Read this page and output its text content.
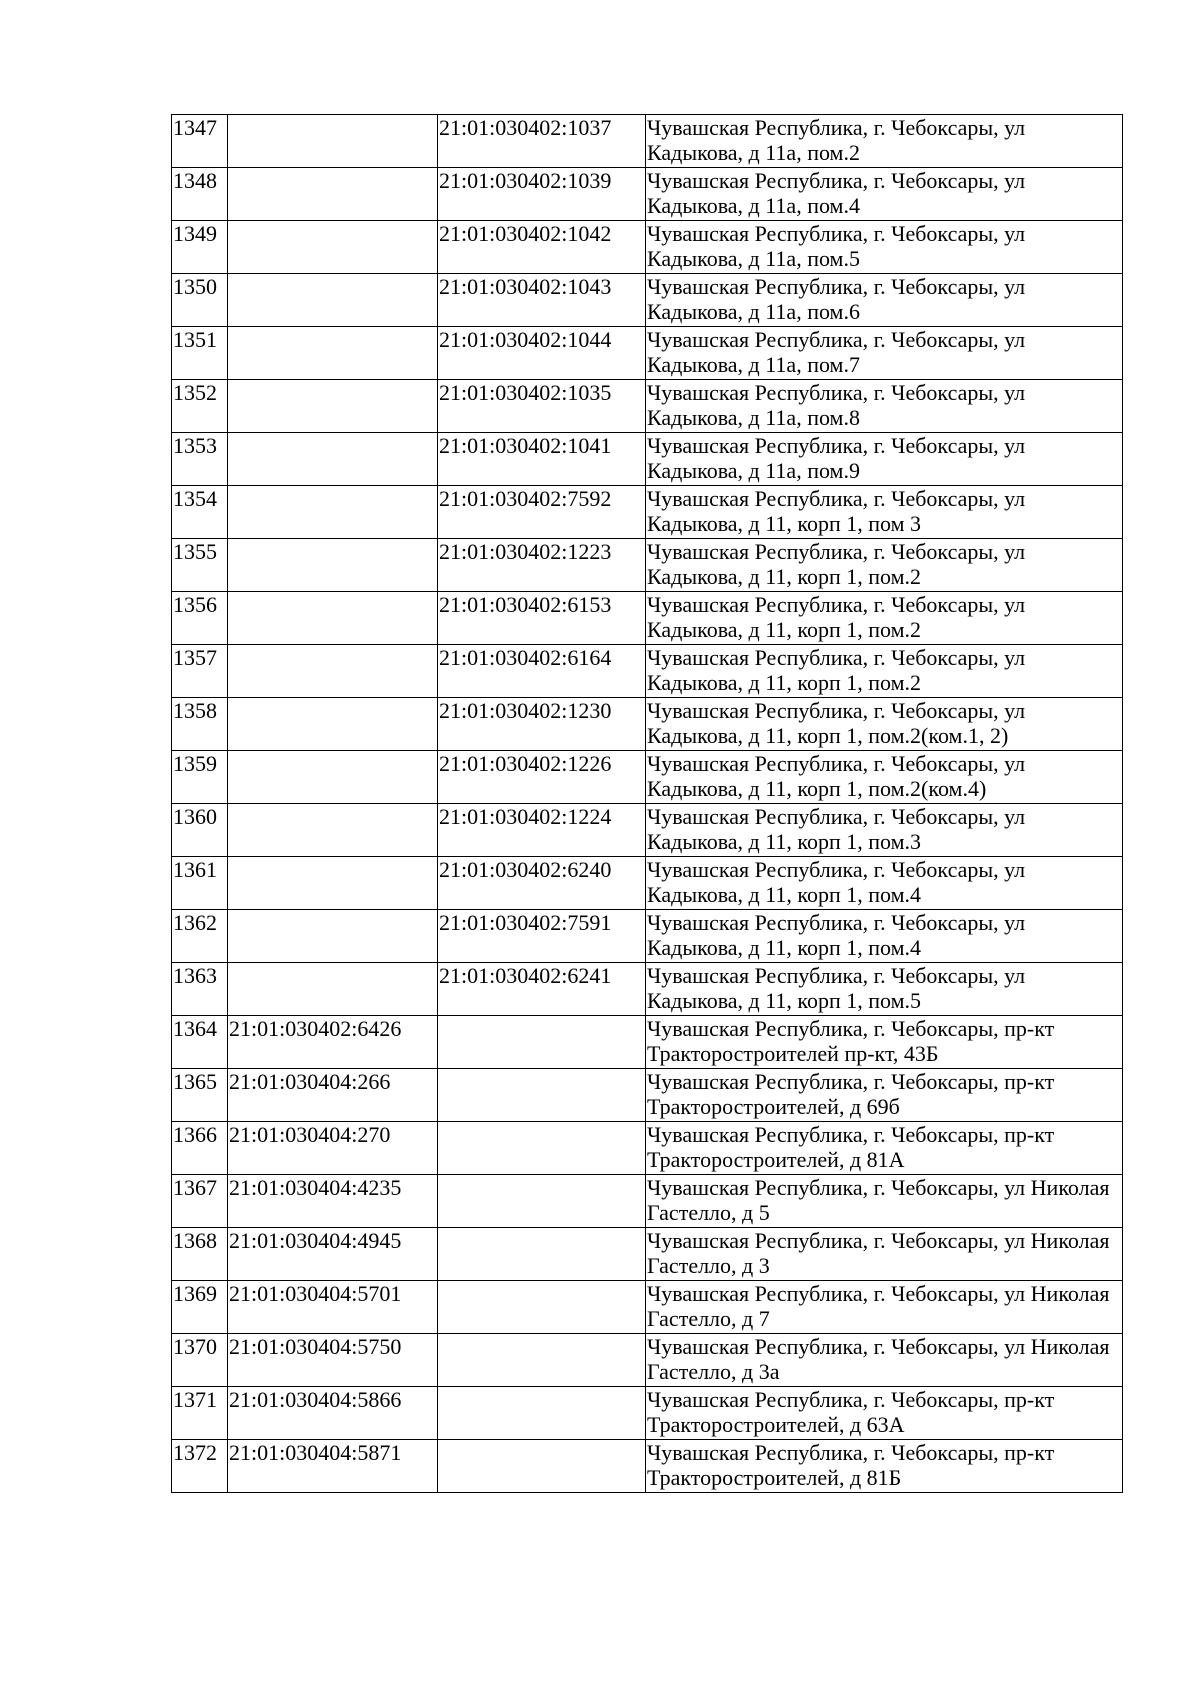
1347		21:01:030402:1037	Чувашская Республика, г. Чебоксары, ул Кадыкова, д 11а, пом.2
1348		21:01:030402:1039	Чувашская Республика, г. Чебоксары, ул Кадыкова, д 11а, пом.4
1349		21:01:030402:1042	Чувашская Республика, г. Чебоксары, ул Кадыкова, д 11а, пом.5
1350		21:01:030402:1043	Чувашская Республика, г. Чебоксары, ул Кадыкова, д 11а, пом.6
1351		21:01:030402:1044	Чувашская Республика, г. Чебоксары, ул Кадыкова, д 11а, пом.7
1352		21:01:030402:1035	Чувашская Республика, г. Чебоксары, ул Кадыкова, д 11а, пом.8
1353		21:01:030402:1041	Чувашская Республика, г. Чебоксары, ул Кадыкова, д 11а, пом.9
1354		21:01:030402:7592	Чувашская Республика, г. Чебоксары, ул Кадыкова, д 11, корп 1, пом 3
1355		21:01:030402:1223	Чувашская Республика, г. Чебоксары, ул Кадыкова, д 11, корп 1, пом.2
1356		21:01:030402:6153	Чувашская Республика, г. Чебоксары, ул Кадыкова, д 11, корп 1, пом.2
1357		21:01:030402:6164	Чувашская Республика, г. Чебоксары, ул Кадыкова, д 11, корп 1, пом.2
1358		21:01:030402:1230	Чувашская Республика, г. Чебоксары, ул Кадыкова, д 11, корп 1, пом.2(ком.1, 2)
1359		21:01:030402:1226	Чувашская Республика, г. Чебоксары, ул Кадыкова, д 11, корп 1, пом.2(ком.4)
1360		21:01:030402:1224	Чувашская Республика, г. Чебоксары, ул Кадыкова, д 11, корп 1, пом.3
1361		21:01:030402:6240	Чувашская Республика, г. Чебоксары, ул Кадыкова, д 11, корп 1, пом.4
1362		21:01:030402:7591	Чувашская Республика, г. Чебоксары, ул Кадыкова, д 11, корп 1, пом.4
1363		21:01:030402:6241	Чувашская Республика, г. Чебоксары, ул Кадыкова, д 11, корп 1, пом.5
1364	21:01:030402:6426		Чувашская Республика, г. Чебоксары, пр-кт Тракторостроителей пр-кт, 43Б
1365	21:01:030404:266		Чувашская Республика, г. Чебоксары, пр-кт Тракторостроителей, д 69б
1366	21:01:030404:270		Чувашская Республика, г. Чебоксары, пр-кт Тракторостроителей, д 81А
1367	21:01:030404:4235		Чувашская Республика, г. Чебоксары, ул Николая Гастелло, д 5
1368	21:01:030404:4945		Чувашская Республика, г. Чебоксары, ул Николая Гастелло, д 3
1369	21:01:030404:5701		Чувашская Республика, г. Чебоксары, ул Николая Гастелло, д 7
1370	21:01:030404:5750		Чувашская Республика, г. Чебоксары, ул Николая Гастелло, д 3а
1371	21:01:030404:5866		Чувашская Республика, г. Чебоксары, пр-кт Тракторостроителей, д 63А
1372	21:01:030404:5871		Чувашская Республика, г. Чебоксары, пр-кт Тракторостроителей, д 81Б
